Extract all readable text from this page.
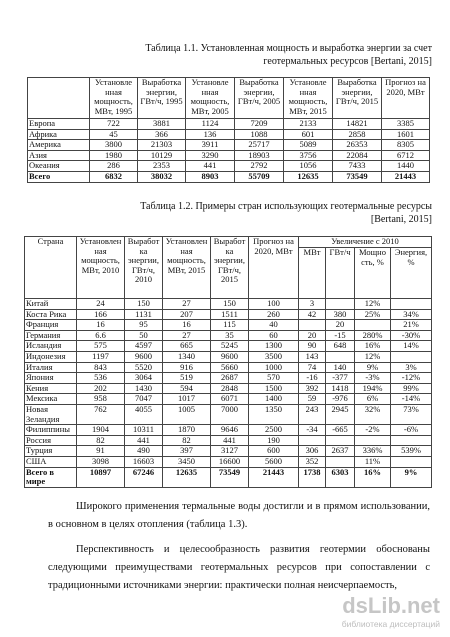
Таблица 1.1. Установленная мощность и выработка энергии за счет
геотермальных ресурсов [Bertani, 2015]
	Установле нная мощность, МВт, 1995	Выработка энергии, ГВт/ч, 1995	Установле нная мощность, МВт, 2005	Выработка энергии, ГВт/ч, 2005	Установле нная мощность, МВт, 2015	Выработка энергии, ГВт/ч, 2015	Прогноз на 2020, МВт
Европа	722	3881	1124	7209	2133	14821	3385
Африка	45	366	136	1088	601	2858	1601
Америка	3800	21303	3911	25717	5089	26353	8305
Азия	1980	10129	3290	18903	3756	22084	6712
Океания	286	2353	441	2792	1056	7433	1440
Всего	6832	38032	8903	55709	12635	73549	21443
Таблица 1.2. Примеры стран использующих геотермальные ресурсы
[Bertani, 2015]
Страна	Установлен ная мощность, МВт, 2010	Выработ ка энергии, ГВт/ч, 2010	Установлен ная мощность, МВт, 2015	Выработ ка энергии, ГВт/ч, 2015	Прогноз на 2020, МВт	Увеличение с 2010			
						МВт	ГВт/ч	Мощно сть, %	Энергия, %
Китай	24	150	27	150	100	3		12%	
Коста Рика	166	1131	207	1511	260	42	380	25%	34%
Франция	16	95	16	115	40		20		21%
Германия	6.6	50	27	35	60	20	-15	280%	-30%
Исландия	575	4597	665	5245	1300	90	648	16%	14%
Индонезия	1197	9600	1340	9600	3500	143		12%	
Италия	843	5520	916	5660	1000	74	140	9%	3%
Япония	536	3064	519	2687	570	-16	-377	-3%	-12%
Кения	202	1430	594	2848	1500	392	1418	194%	99%
Мексика	958	7047	1017	6071	1400	59	-976	6%	-14%
Новая Зеландия	762	4055	1005	7000	1350	243	2945	32%	73%
Филиппины	1904	10311	1870	9646	2500	-34	-665	-2%	-6%
Россия	82	441	82	441	190				
Турция	91	490	397	3127	600	306	2637	336%	539%
США	3098	16603	3450	16600	5600	352		11%	
Всего в мире	10897	67246	12635	73549	21443	1738	6303	16%	9%

Широкого применения термальные воды достигли и в прямом использовании, в основном в целях отопления (таблица 1.3).

Перспективность и целесообразность развития геотермии обоснованы следующими преимуществами геотермальных ресурсов при сопоставлении с традиционными источниками энергии: практически полная неисчерпаемость,

dsLib.net
библиотека диссертаций
